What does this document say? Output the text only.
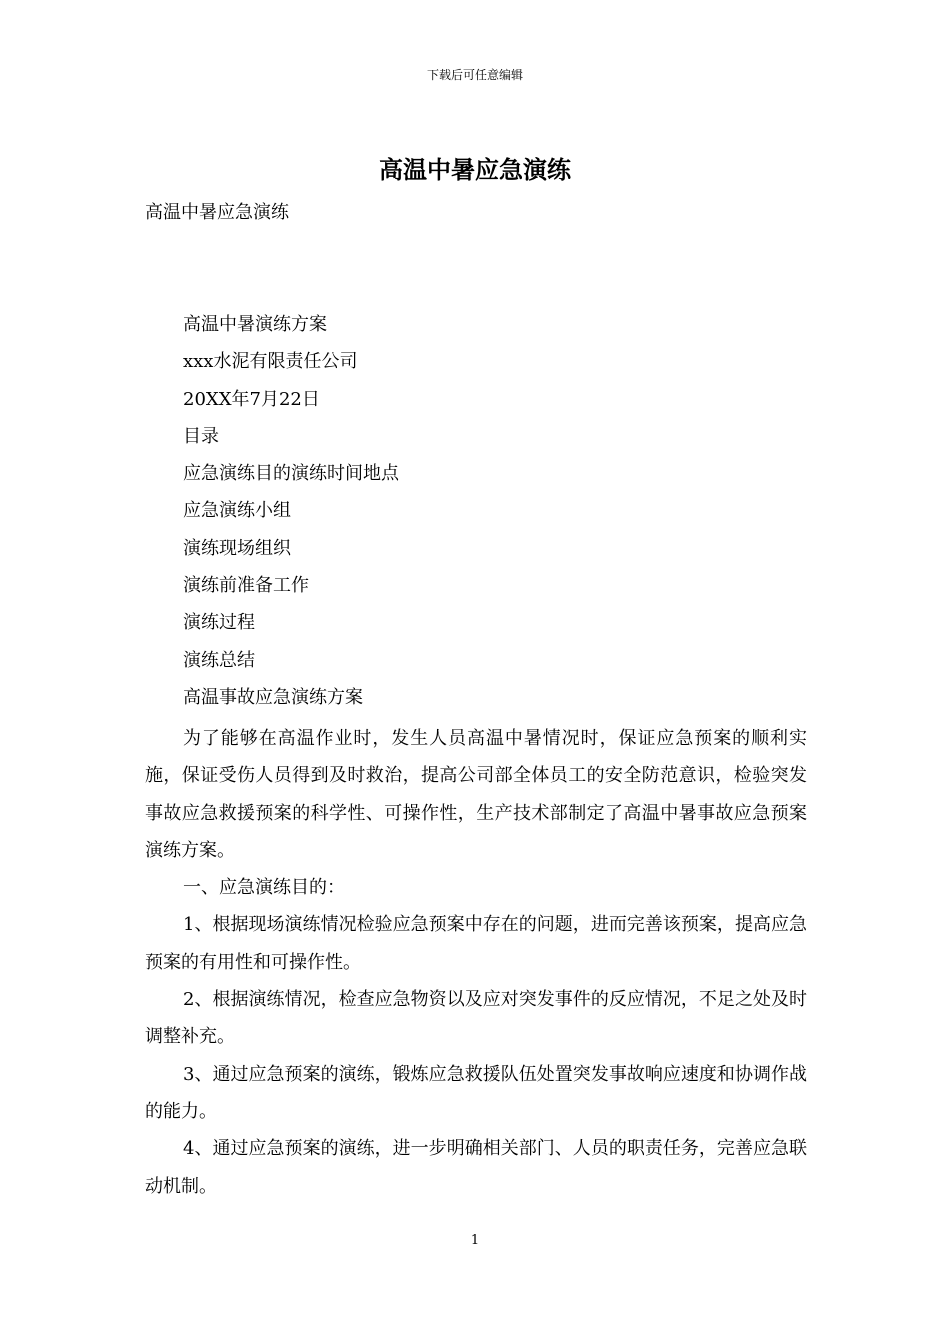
下载后可任意编辑
高温中暑应急演练
高温中暑应急演练
高温中暑演练方案
xxx水泥有限责任公司
20XX年7月22日
目录
应急演练目的演练时间地点
应急演练小组
演练现场组织
演练前准备工作
演练过程
演练总结
高温事故应急演练方案

为了能够在高温作业时，发生人员高温中暑情况时，保证应急预案的顺利实施，保证受伤人员得到及时救治，提高公司部全体员工的安全防范意识，检验突发事故应急救援预案的科学性、可操作性，生产技术部制定了高温中暑事故应急预案演练方案。

一、应急演练目的：

1、根据现场演练情况检验应急预案中存在的问题，进而完善该预案，提高应急预案的有用性和可操作性。

2、根据演练情况，检查应急物资以及应对突发事件的反应情况，不足之处及时调整补充。

3、通过应急预案的演练，锻炼应急救援队伍处置突发事故响应速度和协调作战的能力。

4、通过应急预案的演练，进一步明确相关部门、人员的职责任务，完善应急联动机制。

1
